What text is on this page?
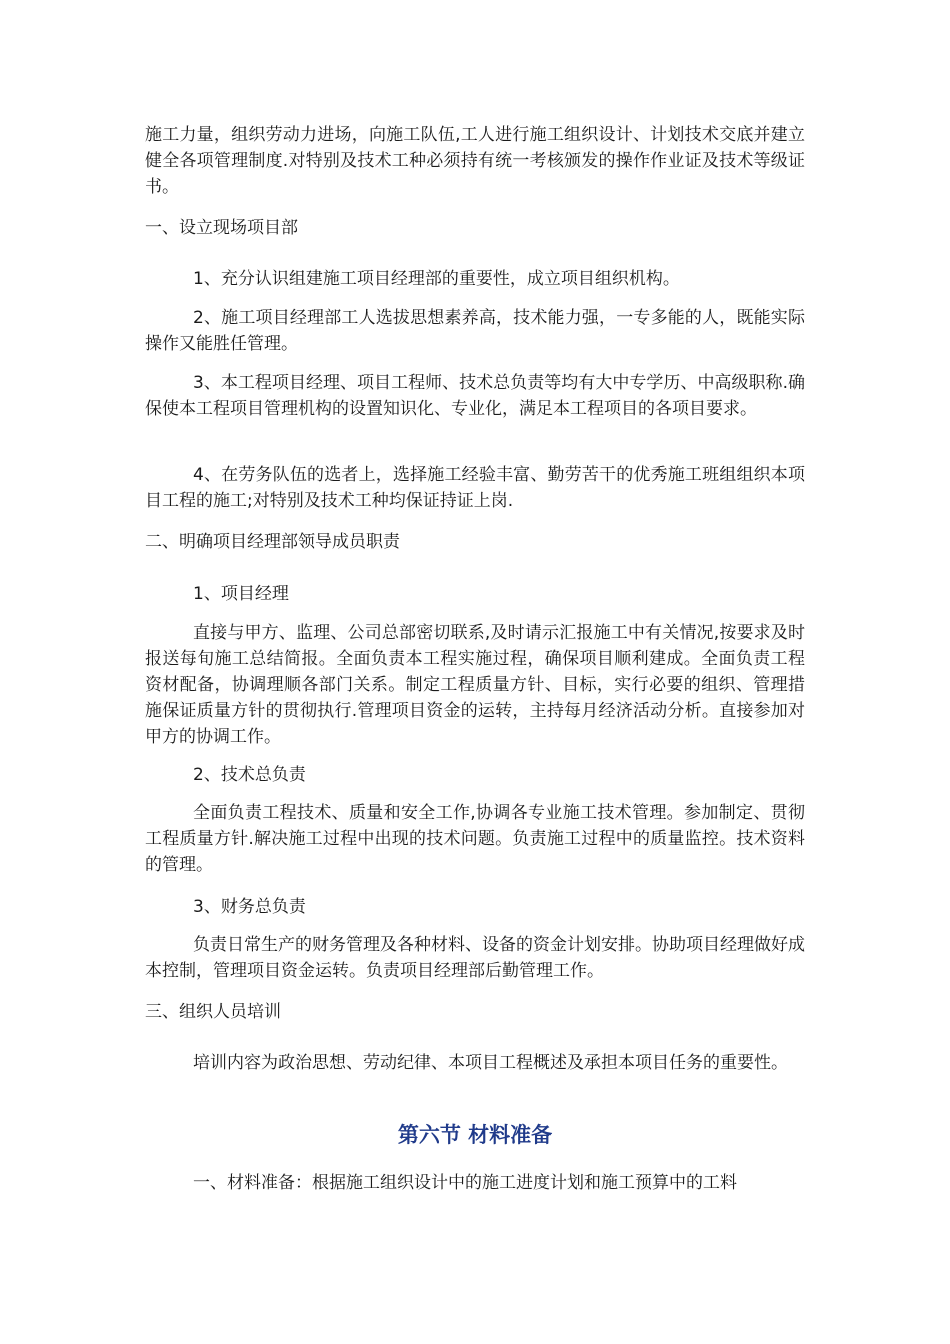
施工力量，组织劳动力进场，向施工队伍,工人进行施工组织设计、计划技术交底并建立健全各项管理制度.对特别及技术工种必须持有统一考核颁发的操作作业证及技术等级证书。

一、设立现场项目部

1、充分认识组建施工项目经理部的重要性，成立项目组织机构。

2、施工项目经理部工人选拔思想素养高，技术能力强，一专多能的人，既能实际操作又能胜任管理。

3、本工程项目经理、项目工程师、技术总负责等均有大中专学历、中高级职称.确保使本工程项目管理机构的设置知识化、专业化，满足本工程项目的各项目要求。

4、在劳务队伍的选者上，选择施工经验丰富、勤劳苦干的优秀施工班组组织本项目工程的施工;对特别及技术工种均保证持证上岗.

二、明确项目经理部领导成员职责

1、项目经理

直接与甲方、监理、公司总部密切联系,及时请示汇报施工中有关情况,按要求及时报送每旬施工总结简报。全面负责本工程实施过程，确保项目顺利建成。全面负责工程资材配备，协调理顺各部门关系。制定工程质量方针、目标，实行必要的组织、管理措施保证质量方针的贯彻执行.管理项目资金的运转，主持每月经济活动分析。直接参加对甲方的协调工作。

2、技术总负责

全面负责工程技术、质量和安全工作,协调各专业施工技术管理。参加制定、贯彻工程质量方针.解决施工过程中出现的技术问题。负责施工过程中的质量监控。技术资料的管理。

3、财务总负责

负责日常生产的财务管理及各种材料、设备的资金计划安排。协助项目经理做好成本控制，管理项目资金运转。负责项目经理部后勤管理工作。

三、组织人员培训

培训内容为政治思想、劳动纪律、本项目工程概述及承担本项目任务的重要性。

第六节 材料准备

一、材料准备：根据施工组织设计中的施工进度计划和施工预算中的工料
